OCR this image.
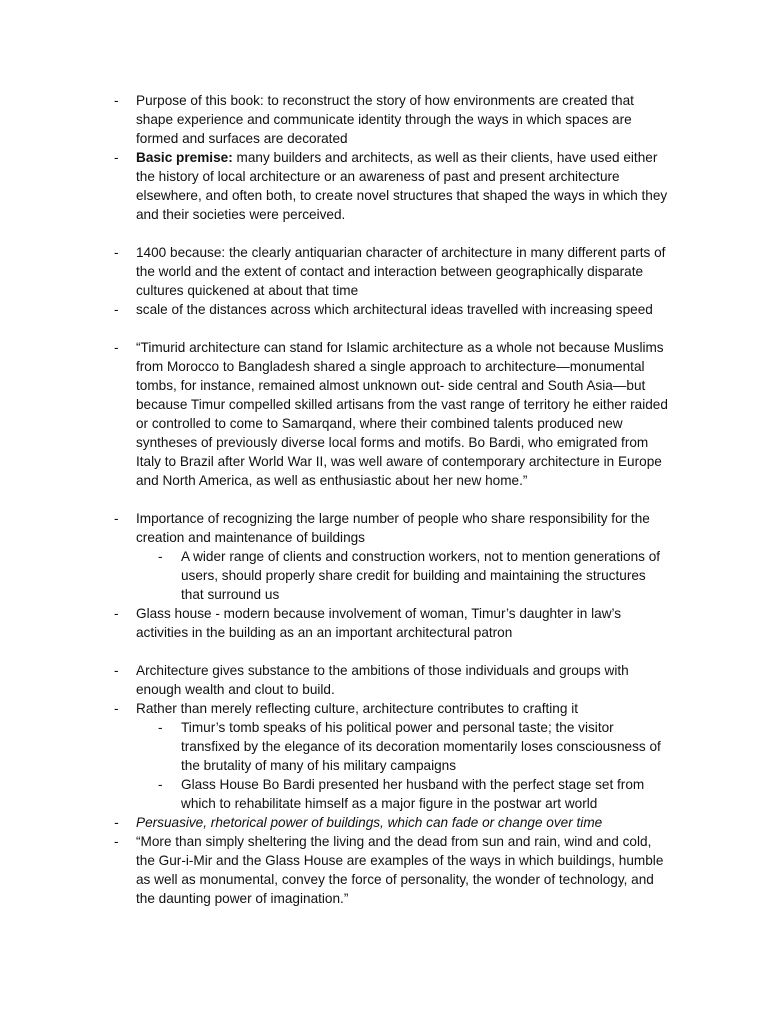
- Purpose of this book: to reconstruct the story of how environments are created that shape experience and communicate identity through the ways in which spaces are formed and surfaces are decorated

- Basic premise: many builders and architects, as well as their clients, have used either the history of local architecture or an awareness of past and present architecture elsewhere, and often both, to create novel structures that shaped the ways in which they and their societies were perceived.

- 1400 because: the clearly antiquarian character of architecture in many different parts of the world and the extent of contact and interaction between geographically disparate cultures quickened at about that time

- scale of the distances across which architectural ideas travelled with increasing speed

- “Timurid architecture can stand for Islamic architecture as a whole not because Muslims from Morocco to Bangladesh shared a single approach to architecture—monumental tombs, for instance, remained almost unknown out- side central and South Asia—but because Timur compelled skilled artisans from the vast range of territory he either raided or controlled to come to Samarqand, where their combined talents produced new syntheses of previously diverse local forms and motifs. Bo Bardi, who emigrated from Italy to Brazil after World War II, was well aware of contemporary architecture in Europe and North America, as well as enthusiastic about her new home.”

- Importance of recognizing the large number of people who share responsibility for the creation and maintenance of buildings

- A wider range of clients and construction workers, not to mention generations of users, should properly share credit for building and maintaining the structures that surround us

- Glass house - modern because involvement of woman, Timur’s daughter in law’s activities in the building as an an important architectural patron

- Architecture gives substance to the ambitions of those individuals and groups with enough wealth and clout to build.

- Rather than merely reflecting culture, architecture contributes to crafting it

- Timur’s tomb speaks of his political power and personal taste; the visitor transfixed by the elegance of its decoration momentarily loses consciousness of the brutality of many of his military campaigns

- Glass House Bo Bardi presented her husband with the perfect stage set from which to rehabilitate himself as a major figure in the postwar art world

- Persuasive, rhetorical power of buildings, which can fade or change over time

- “More than simply sheltering the living and the dead from sun and rain, wind and cold, the Gur-i-Mir and the Glass House are examples of the ways in which buildings, humble as well as monumental, convey the force of personality, the wonder of technology, and the daunting power of imagination.”
